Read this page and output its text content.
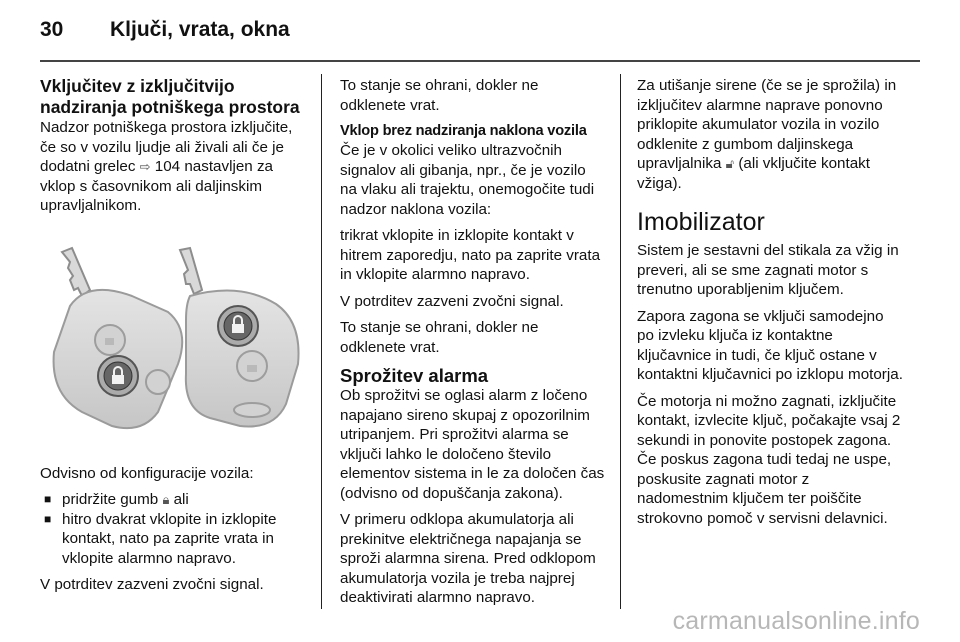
30	Ključi, vrata, okna
Vključitev z izključitvijo nadziranja potniškega prostora

Nadzor potniškega prostora izključite, če so v vozilu ljudje ali živali ali če je dodatni grelec ⇨ 104 nastavljen za vklop s časovnikom ali daljinskim upravljalnikom.

Odvisno od konfiguracije vozila:

■ pridržite gumb 🔒︎ ali
■ hitro dvakrat vklopite in izklopite kontakt, nato pa zaprite vrata in vklopite alarmno napravo.

V potrditev zazveni zvočni signal.

To stanje se ohrani, dokler ne odklenete vrat.

Vklop brez nadziranja naklona vozila

Če je v okolici veliko ultrazvočnih signalov ali gibanja, npr., če je vozilo na vlaku ali trajektu, onemogočite tudi nadzor naklona vozila:

trikrat vklopite in izklopite kontakt v hitrem zaporedju, nato pa zaprite vrata in vklopite alarmno napravo.

V potrditev zazveni zvočni signal.

To stanje se ohrani, dokler ne odklenete vrat.

Sprožitev alarma

Ob sprožitvi se oglasi alarm z ločeno napajano sireno skupaj z opozorilnim utripanjem. Pri sprožitvi alarma se vključi lahko le določeno število elementov sistema in le za določen čas (odvisno od dopuščanja zakona).

V primeru odklopa akumulatorja ali prekinitve električnega napajanja se sproži alarmna sirena. Pred odklopom akumulatorja vozila je treba najprej deaktivirati alarmno napravo.

Za utišanje sirene (če se je sprožila) in izključitev alarmne naprave ponovno priklopite akumulator vozila in vozilo odklenite z gumbom daljinskega upravljalnika 🔓︎ (ali vključite kontakt vžiga).

Imobilizator

Sistem je sestavni del stikala za vžig in preveri, ali se sme zagnati motor s trenutno uporabljenim ključem.

Zapora zagona se vključi samodejno po izvleku ključa iz kontaktne ključavnice in tudi, če ključ ostane v kontaktni ključavnici po izklopu motorja.

Če motorja ni možno zagnati, izključite kontakt, izvlecite ključ, počakajte vsaj 2 sekundi in ponovite postopek zagona. Če poskus zagona tudi tedaj ne uspe, poskusite zagnati motor z nadomestnim ključem ter poiščite strokovno pomoč v servisni delavnici.

carmanualsonline.info
